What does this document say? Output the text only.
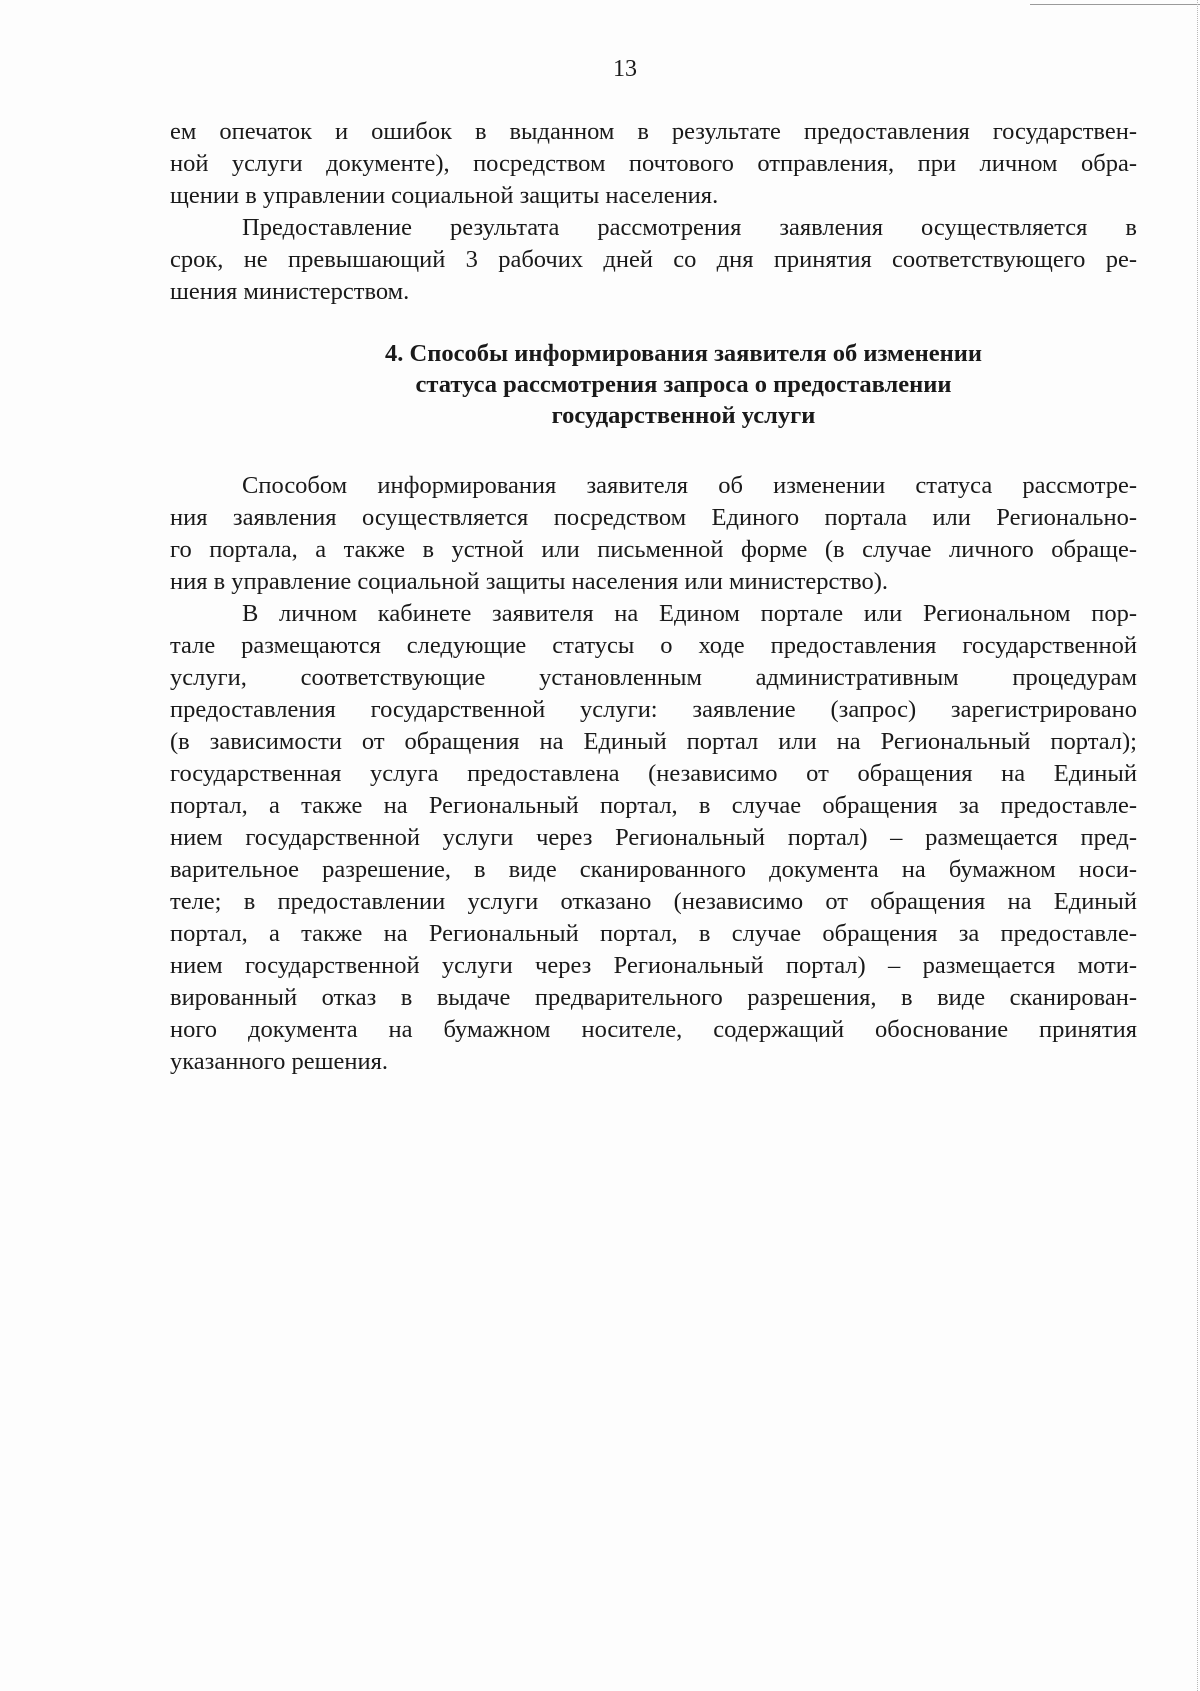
13
ем опечаток и ошибок в выданном в результате предоставления государствен-
ной услуги документе), посредством почтового отправления, при личном обра-
щении в управлении социальной защиты населения.
Предоставление результата рассмотрения заявления осуществляется в
срок, не превышающий 3 рабочих дней со дня принятия соответствующего ре-
шения министерством.
4. Способы информирования заявителя об изменении
статуса рассмотрения запроса о предоставлении
государственной услуги
Способом информирования заявителя об изменении статуса рассмотре-
ния заявления осуществляется посредством Единого портала или Регионально-
го портала, а также в устной или письменной форме (в случае личного обраще-
ния в управление социальной защиты населения или министерство).
В личном кабинете заявителя на Едином портале или Региональном пор-
тале размещаются следующие статусы о ходе предоставления государственной
услуги, соответствующие установленным административным процедурам
предоставления государственной услуги: заявление (запрос) зарегистрировано
(в зависимости от обращения на Единый портал или на Региональный портал);
государственная услуга предоставлена (независимо от обращения на Единый
портал, а также на Региональный портал, в случае обращения за предоставле-
нием государственной услуги через Региональный портал) – размещается пред-
варительное разрешение, в виде сканированного документа на бумажном носи-
теле; в предоставлении услуги отказано (независимо от обращения на Единый
портал, а также на Региональный портал, в случае обращения за предоставле-
нием государственной услуги через Региональный портал) – размещается моти-
вированный отказ в выдаче предварительного разрешения, в виде сканирован-
ного документа на бумажном носителе, содержащий обоснование принятия
указанного решения.
